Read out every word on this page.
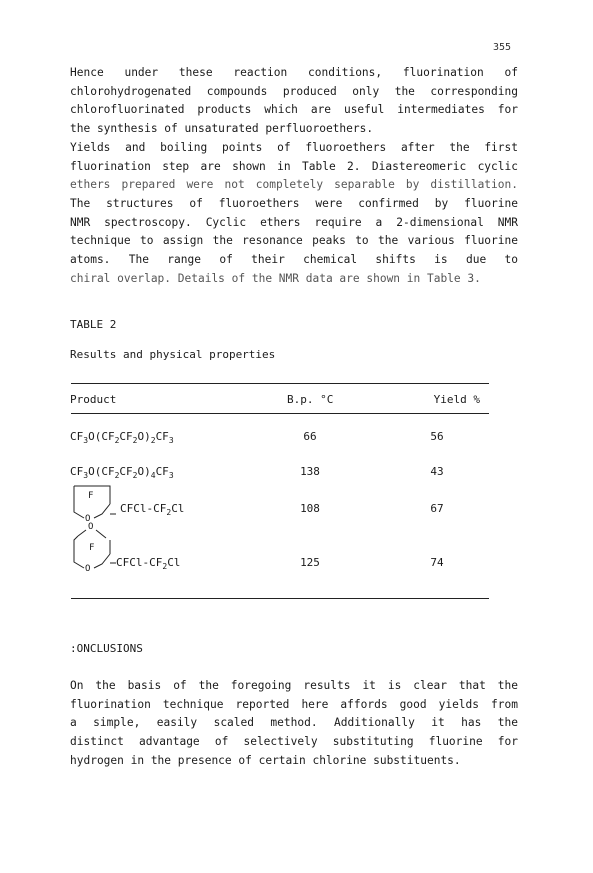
355
Hence under these reaction conditions, fluorination of
chlorohydrogenated compounds produced only the corresponding
chlorofluorinated products which are useful intermediates for
the synthesis of unsaturated perfluoroethers.
Yields and boiling points of fluoroethers after the first
fluorination step are shown in Table 2. Diastereomeric cyclic
ethers prepared were not completely separable by distillation.
The structures of fluoroethers were confirmed by fluorine
NMR spectroscopy. Cyclic ethers require a 2-dimensional NMR
technique to assign the resonance peaks to the various fluorine
atoms. The range of their chemical shifts is due to
chiral overlap. Details of the NMR data are shown in Table 3.
TABLE 2
Results and physical properties
Product	B.p. °C	Yield %
$CF_3O(CF_2CF_2O)_2CF_3$	66	56
$CF_3O(CF_2CF_2O)_4CF_3$	138	43
F
O
CFCl-$CF_2Cl$	108	67
O
F
O CFCl-$CF_2Cl$	125	74
:ONCLUSIONS
On the basis of the foregoing results it is clear that the
fluorination technique reported here affords good yields from
a simple, easily scaled method. Additionally it has the
distinct advantage of selectively substituting fluorine for
hydrogen in the presence of certain chlorine substituents.
